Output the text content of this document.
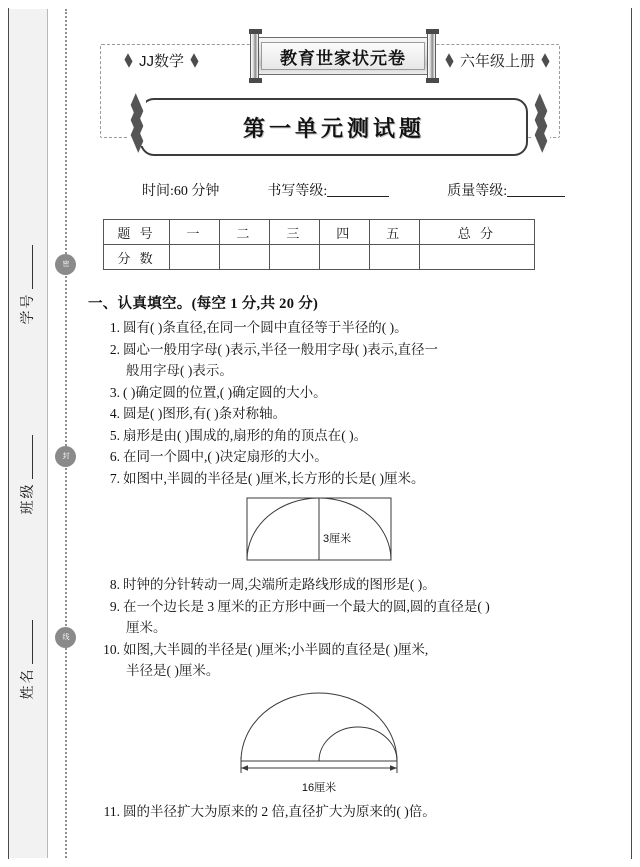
密
封
线
学号
班级
姓名
JJ数学	教育世家状元卷	六年级上册
第一单元测试题
时间:60 分钟	书写等级:	质量等级:
题 号	一	二	三	四	五	总 分
分 数						
一、认真填空。(每空 1 分,共 20 分)
1. 圆有( )条直径,在同一个圆中直径等于半径的( )。
2. 圆心一般用字母( )表示,半径一般用字母( )表示,直径一
般用字母( )表示。
3. ( )确定圆的位置,( )确定圆的大小。
4. 圆是( )图形,有( )条对称轴。
5. 扇形是由( )围成的,扇形的角的顶点在( )。
6. 在同一个圆中,( )决定扇形的大小。
7. 如图中,半圆的半径是( )厘米,长方形的长是( )厘米。
3厘米
8. 时钟的分针转动一周,尖端所走路线形成的图形是( )。
9. 在一个边长是 3 厘米的正方形中画一个最大的圆,圆的直径是( )
厘米。
10. 如图,大半圆的半径是( )厘米;小半圆的直径是( )厘米,
半径是( )厘米。
16厘米
11. 圆的半径扩大为原来的 2 倍,直径扩大为原来的( )倍。
